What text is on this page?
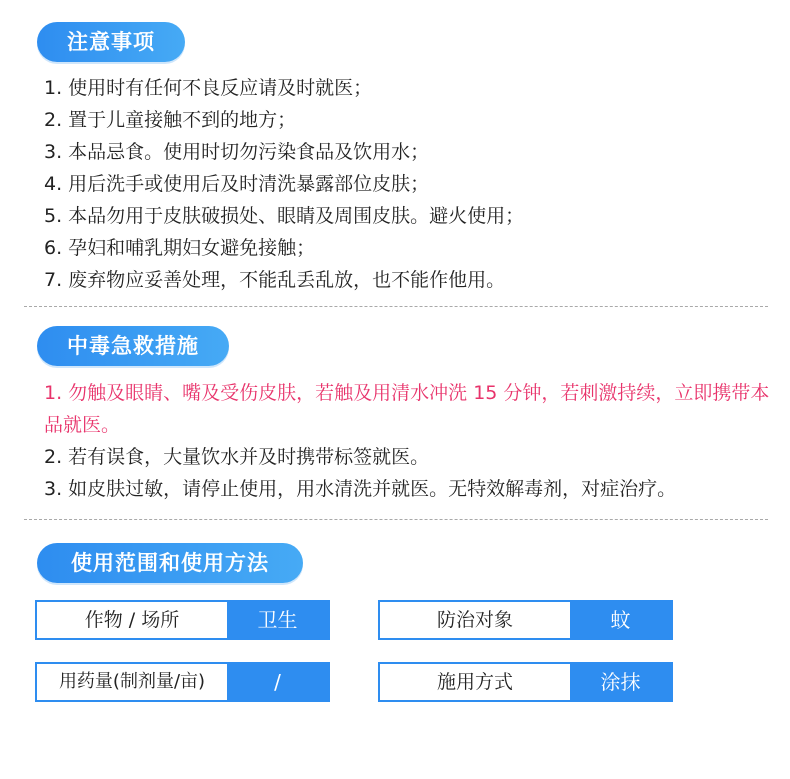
注意事项
1. 使用时有任何不良反应请及时就医；
2. 置于儿童接触不到的地方；
3. 本品忌食。使用时切勿污染食品及饮用水；
4. 用后洗手或使用后及时清洗暴露部位皮肤；
5. 本品勿用于皮肤破损处、眼睛及周围皮肤。避火使用；
6. 孕妇和哺乳期妇女避免接触；
7. 废弃物应妥善处理，不能乱丢乱放，也不能作他用。
中毒急救措施
1. 勿触及眼睛、嘴及受伤皮肤，若触及用清水冲洗 15 分钟，若刺激持续，立即携带本品就医。
2. 若有误食，大量饮水并及时携带标签就医。
3. 如皮肤过敏，请停止使用，用水清洗并就医。无特效解毒剂，对症治疗。
使用范围和使用方法
作物 / 场所	卫生	防治对象	蚊
用药量(制剂量/亩)	/	施用方式	涂抹
